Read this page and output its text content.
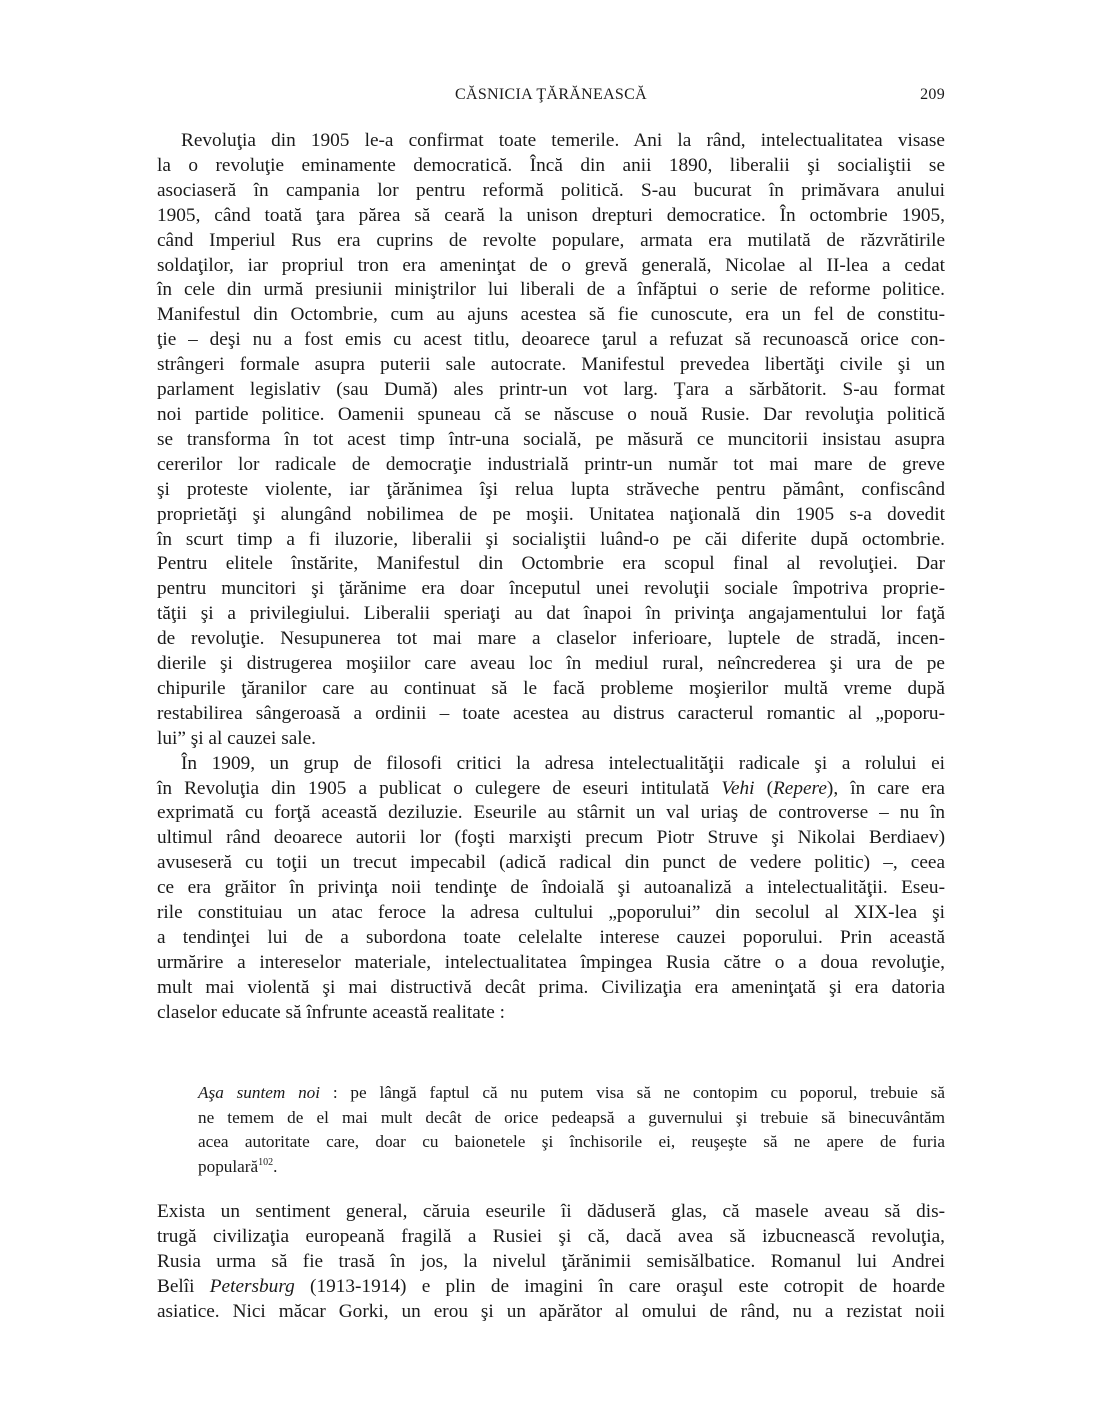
CĂSNICIA ŢĂRĂNEASCĂ	209
Revoluţia din 1905 le-a confirmat toate temerile. Ani la rând, intelectualitatea visase
la o revoluţie eminamente democratică. Încă din anii 1890, liberalii şi socialiştii se
asociaseră în campania lor pentru reformă politică. S-au bucurat în primăvara anului
1905, când toată ţara părea să ceară la unison drepturi democratice. În octombrie 1905,
când Imperiul Rus era cuprins de revolte populare, armata era mutilată de răzvrătirile
soldaţilor, iar propriul tron era ameninţat de o grevă generală, Nicolae al II-lea a cedat
în cele din urmă presiunii miniştrilor lui liberali de a înfăptui o serie de reforme politice.
Manifestul din Octombrie, cum au ajuns acestea să fie cunoscute, era un fel de constitu-
ţie – deşi nu a fost emis cu acest titlu, deoarece ţarul a refuzat să recunoască orice con-
strângeri formale asupra puterii sale autocrate. Manifestul prevedea libertăţi civile şi un
parlament legislativ (sau Dumă) ales printr-un vot larg. Ţara a sărbătorit. S-au format
noi partide politice. Oamenii spuneau că se născuse o nouă Rusie. Dar revoluţia politică
se transforma în tot acest timp într-una socială, pe măsură ce muncitorii insistau asupra
cererilor lor radicale de democraţie industrială printr-un număr tot mai mare de greve
şi proteste violente, iar ţărănimea îşi relua lupta străveche pentru pământ, confiscând
proprietăţi şi alungând nobilimea de pe moşii. Unitatea naţională din 1905 s-a dovedit
în scurt timp a fi iluzorie, liberalii şi socialiştii luând-o pe căi diferite după octombrie.
Pentru elitele înstărite, Manifestul din Octombrie era scopul final al revoluţiei. Dar
pentru muncitori şi ţărănime era doar începutul unei revoluţii sociale împotriva proprie-
tăţii şi a privilegiului. Liberalii speriaţi au dat înapoi în privinţa angajamentului lor faţă
de revoluţie. Nesupunerea tot mai mare a claselor inferioare, luptele de stradă, incen-
dierile şi distrugerea moşiilor care aveau loc în mediul rural, neîncrederea şi ura de pe
chipurile ţăranilor care au continuat să le facă probleme moşierilor multă vreme după
restabilirea sângeroasă a ordinii – toate acestea au distrus caracterul romantic al „poporu-
lui” şi al cauzei sale.
În 1909, un grup de filosofi critici la adresa intelectualităţii radicale şi a rolului ei
în Revoluţia din 1905 a publicat o culegere de eseuri intitulată Vehi (Repere), în care era
exprimată cu forţă această deziluzie. Eseurile au stârnit un val uriaş de controverse – nu în
ultimul rând deoarece autorii lor (foşti marxişti precum Piotr Struve şi Nikolai Berdiaev)
avuseseră cu toţii un trecut impecabil (adică radical din punct de vedere politic) –, ceea
ce era grăitor în privinţa noii tendinţe de îndoială şi autoanaliză a intelectualităţii. Eseu-
rile constituiau un atac feroce la adresa cultului „poporului” din secolul al XIX-lea şi
a tendinţei lui de a subordona toate celelalte interese cauzei poporului. Prin această
urmărire a intereselor materiale, intelectualitatea împingea Rusia către o a doua revoluţie,
mult mai violentă şi mai distructivă decât prima. Civilizaţia era ameninţată şi era datoria
claselor educate să înfrunte această realitate :
Aşa suntem noi : pe lângă faptul că nu putem visa să ne contopim cu poporul, trebuie să
ne temem de el mai mult decât de orice pedeapsă a guvernului şi trebuie să binecuvântăm
acea autoritate care, doar cu baionetele şi închisorile ei, reuşeşte să ne apere de furia
populară$^{102}$.
Exista un sentiment general, căruia eseurile îi dăduseră glas, că masele aveau să dis-
trugă civilizaţia europeană fragilă a Rusiei şi că, dacă avea să izbucnească revoluţia,
Rusia urma să fie trasă în jos, la nivelul ţărănimii semisălbatice. Romanul lui Andrei
Belîi Petersburg (1913-1914) e plin de imagini în care oraşul este cotropit de hoarde
asiatice. Nici măcar Gorki, un erou şi un apărător al omului de rând, nu a rezistat noii
